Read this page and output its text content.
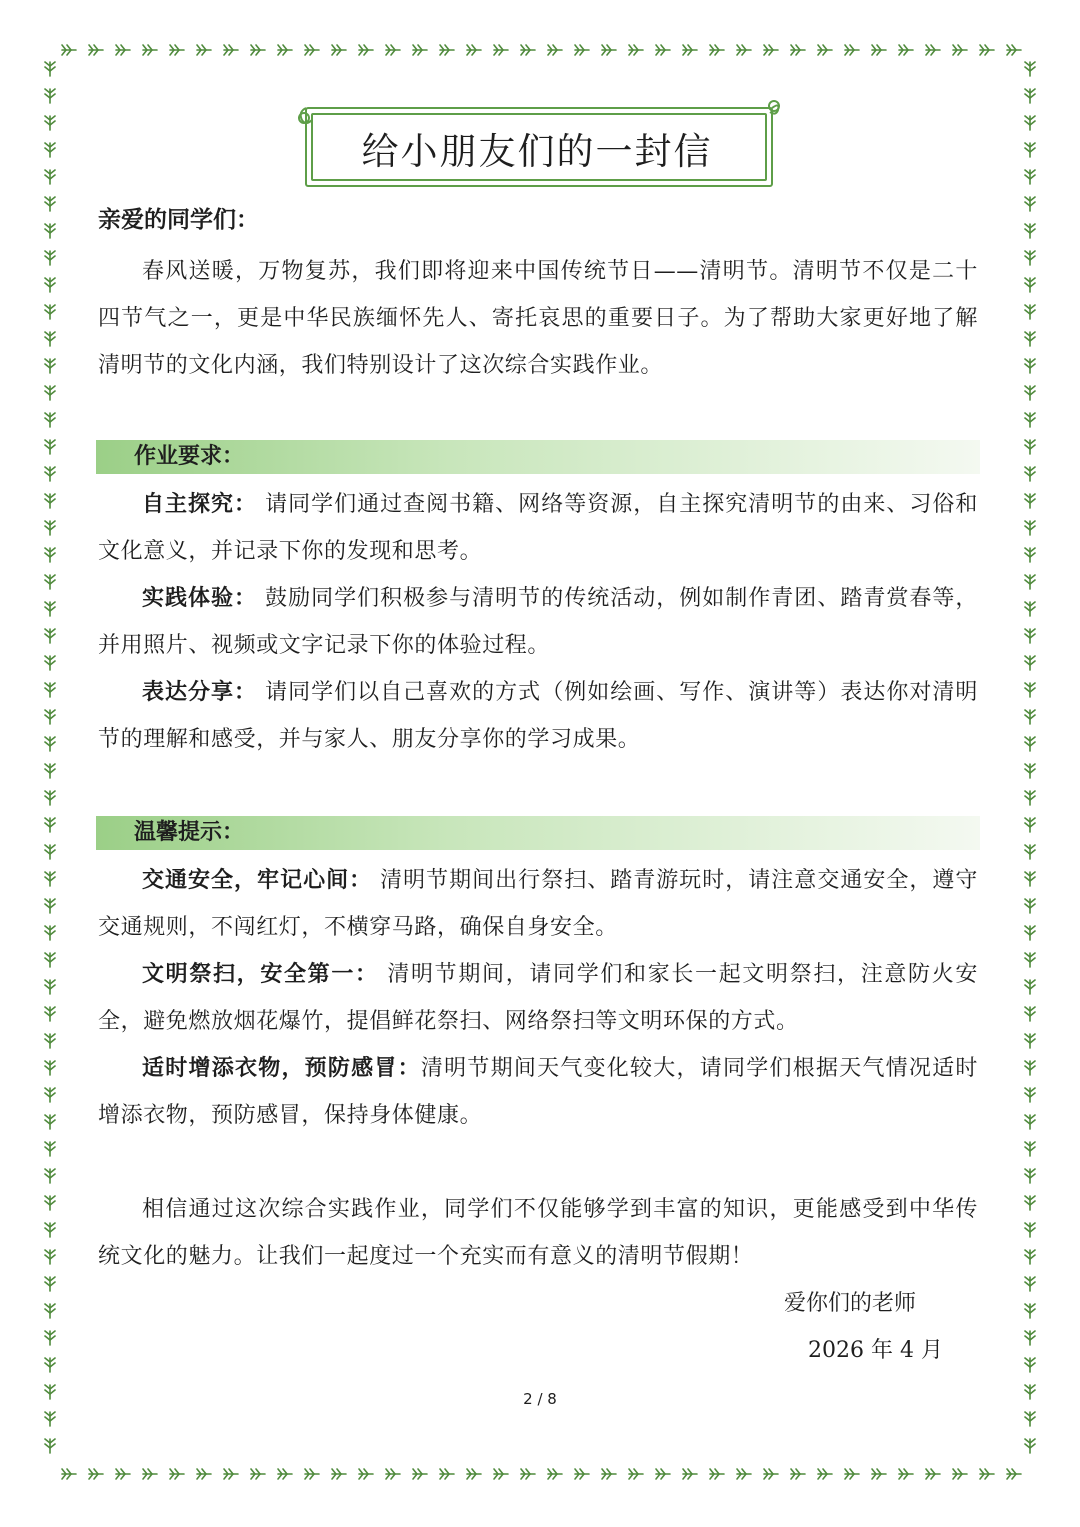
给小朋友们的一封信
亲爱的同学们：
春风送暖，万物复苏，我们即将迎来中国传统节日——清明节。清明节不仅是二十四节气之一，更是中华民族缅怀先人、寄托哀思的重要日子。为了帮助大家更好地了解清明节的文化内涵，我们特别设计了这次综合实践作业。
作业要求：
自主探究： 请同学们通过查阅书籍、网络等资源，自主探究清明节的由来、习俗和文化意义，并记录下你的发现和思考。
实践体验： 鼓励同学们积极参与清明节的传统活动，例如制作青团、踏青赏春等，并用照片、视频或文字记录下你的体验过程。
表达分享： 请同学们以自己喜欢的方式（例如绘画、写作、演讲等）表达你对清明节的理解和感受，并与家人、朋友分享你的学习成果。
温馨提示：
交通安全，牢记心间： 清明节期间出行祭扫、踏青游玩时，请注意交通安全，遵守交通规则，不闯红灯，不横穿马路，确保自身安全。
文明祭扫，安全第一： 清明节期间，请同学们和家长一起文明祭扫，注意防火安全，避免燃放烟花爆竹，提倡鲜花祭扫、网络祭扫等文明环保的方式。
适时增添衣物，预防感冒：清明节期间天气变化较大，请同学们根据天气情况适时增添衣物，预防感冒，保持身体健康。
相信通过这次综合实践作业，同学们不仅能够学到丰富的知识，更能感受到中华传统文化的魅力。让我们一起度过一个充实而有意义的清明节假期！
爱你们的老师
2026 年 4 月
2 / 8
